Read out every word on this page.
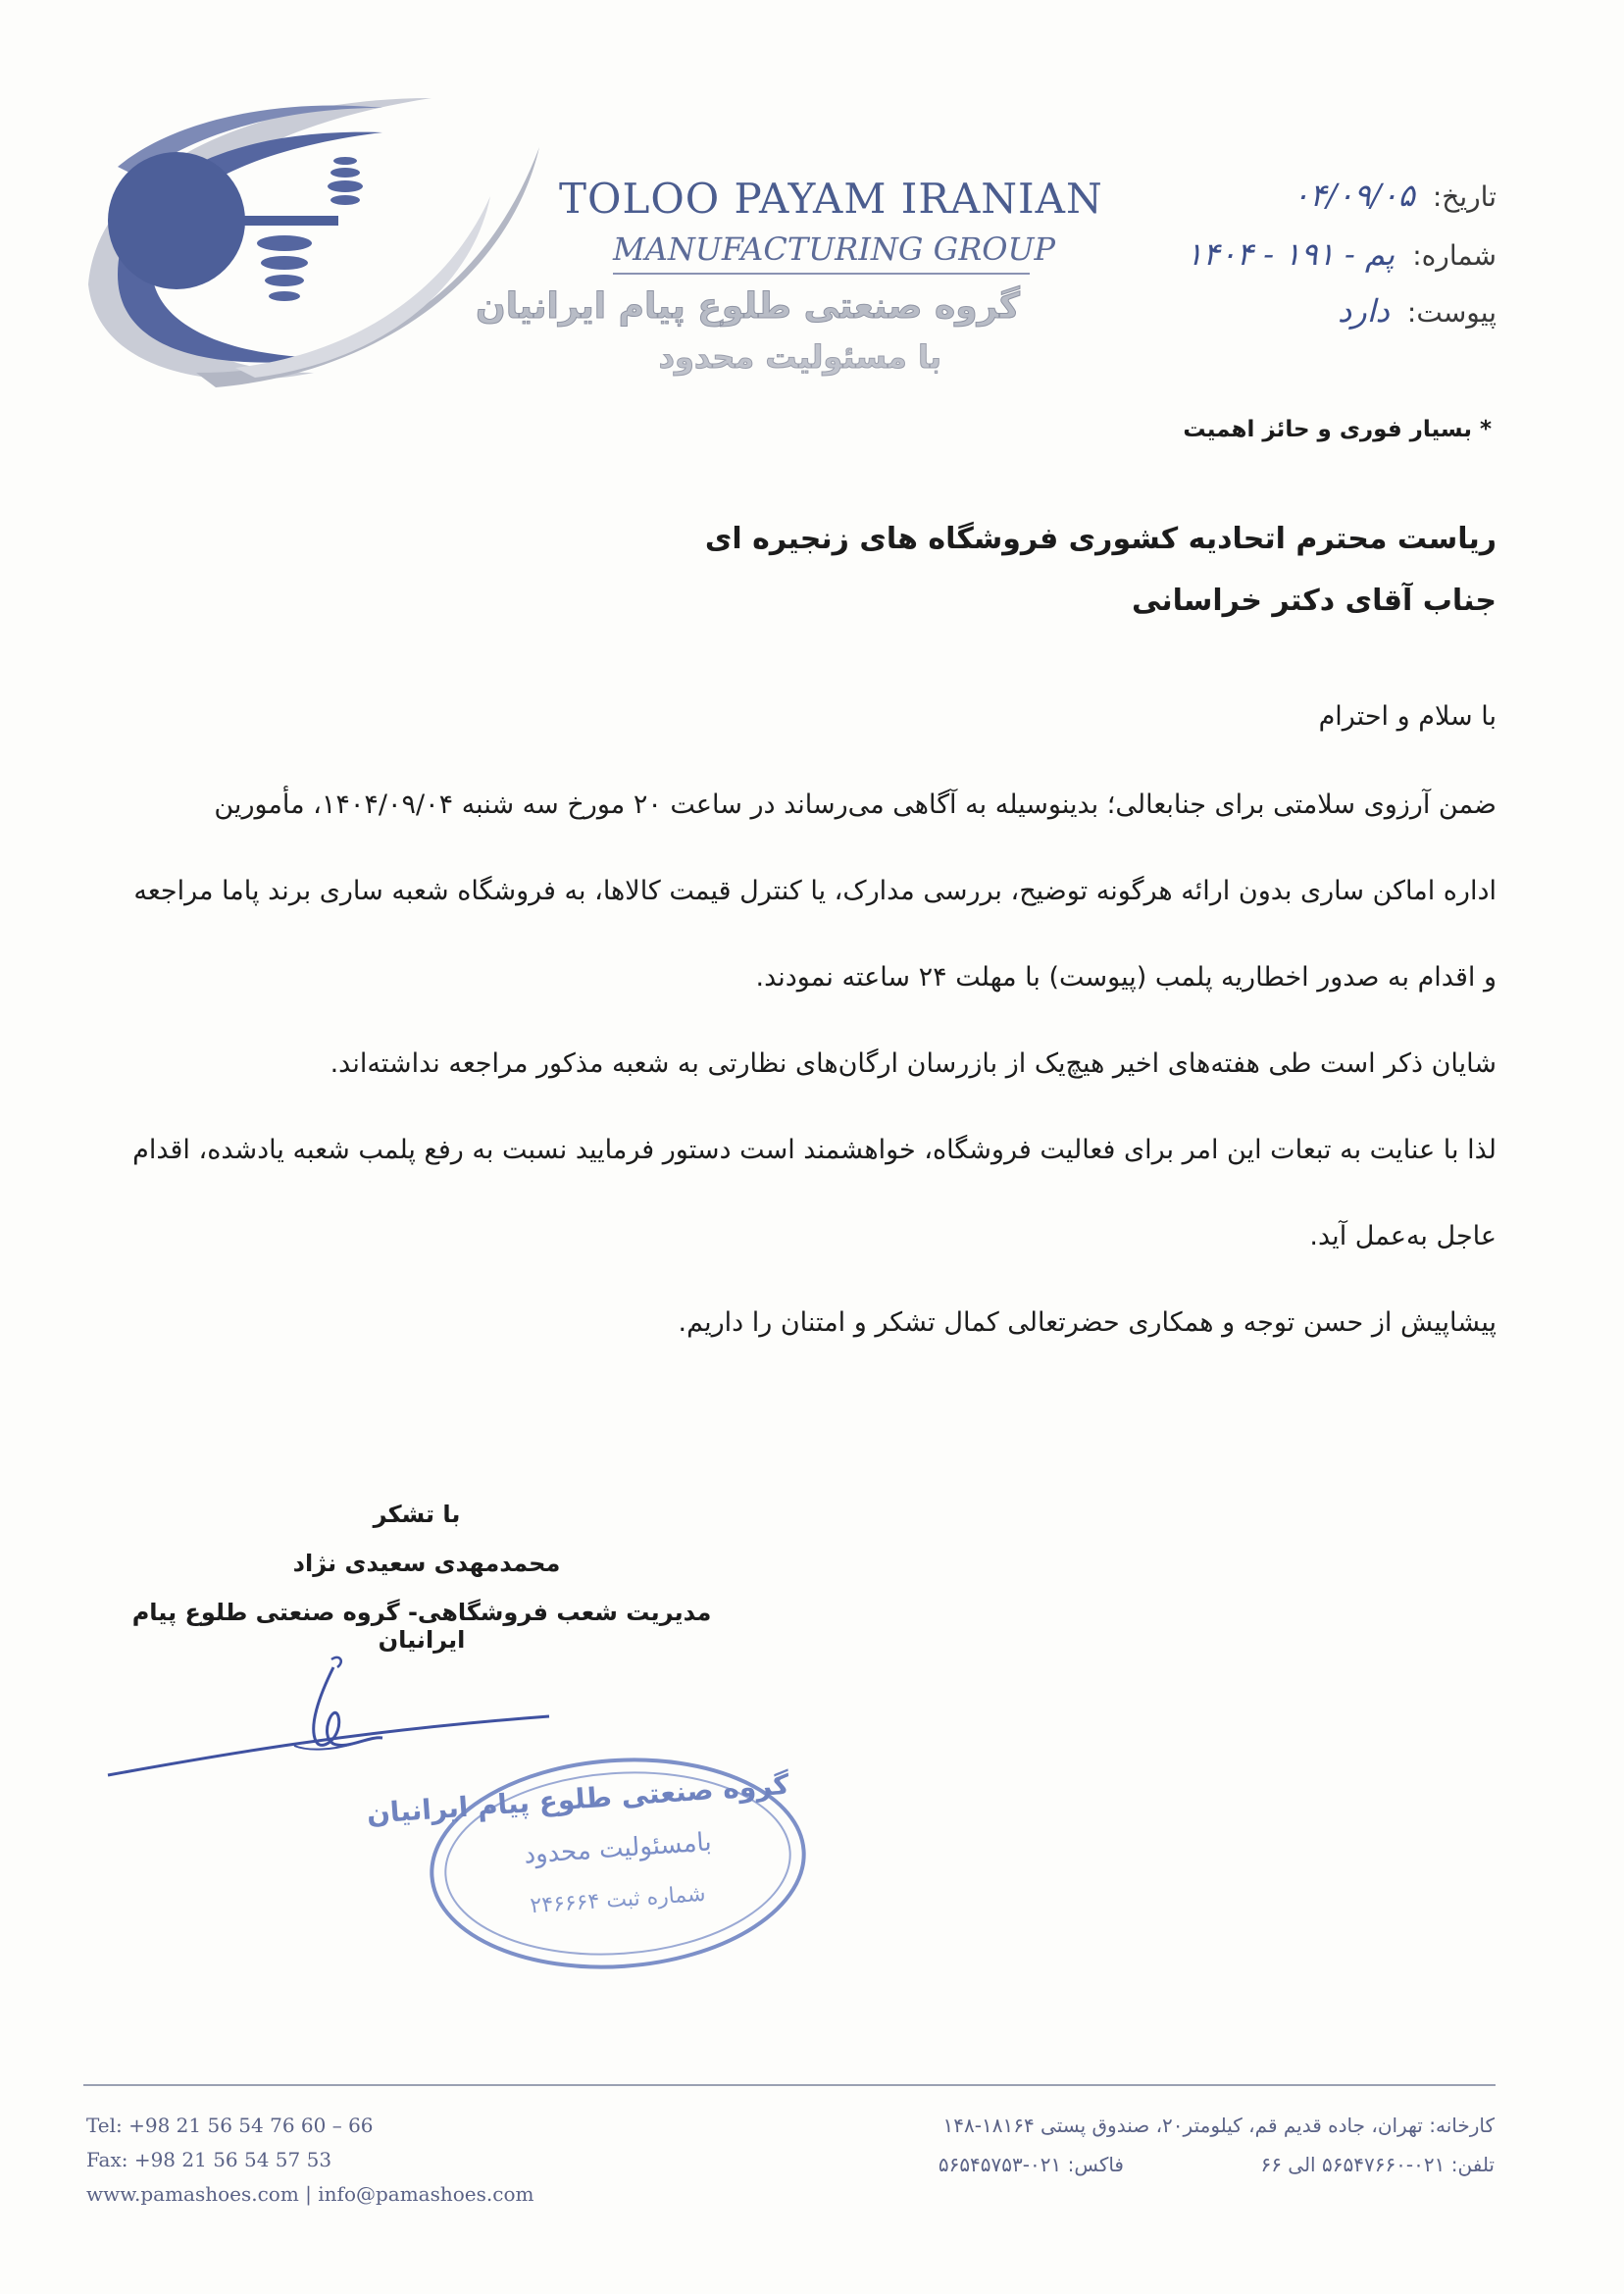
TOLOO PAYAM IRANIAN
MANUFACTURING GROUP
گروه صنعتی طلوع پیام ایرانیان
با مسئولیت محدود
تاریخ:
۰۴/۰۹/۰۵
شماره:
پم - ۱۹۱ - ۱۴۰۴
پیوست:
دارد
* بسیار فوری و حائز اهمیت
ریاست محترم اتحادیه کشوری فروشگاه های زنجیره ای
جناب آقای دکتر خراسانی
با سلام و احترام
ضمن آرزوی سلامتی برای جنابعالی؛ بدینوسیله به آگاهی می‌رساند در ساعت ۲۰ مورخ سه شنبه ۱۴۰۴/۰۹/۰۴، مأمورین
اداره اماکن ساری بدون ارائه هرگونه توضیح، بررسی مدارک، یا کنترل قیمت کالاها، به فروشگاه شعبه ساری برند پاما مراجعه
و اقدام به صدور اخطاریه پلمب (پیوست) با مهلت ۲۴ ساعته نمودند.
شایان ذکر است طی هفته‌های اخیر هیچ‌یک از بازرسان ارگان‌های نظارتی به شعبه مذکور مراجعه نداشته‌اند.
لذا با عنایت به تبعات این امر برای فعالیت فروشگاه، خواهشمند است دستور فرمایید نسبت به رفع پلمب شعبه یادشده، اقدام
عاجل به‌عمل آید.
پیشاپیش از حسن توجه و همکاری حضرتعالی کمال تشکر و امتنان را داریم.
با تشکر
محمدمهدی سعیدی نژاد
مدیریت شعب فروشگاهی- گروه صنعتی طلوع پیام ایرانیان
گروه صنعتی طلوع پیام ایرانیان
بامسئولیت محدود
شماره ثبت ۲۴۶۶۶۴
Tel: +98 21 56 54 76 60 – 66
Fax: +98 21 56 54 57 53
www.pamashoes.com | info@pamashoes.com
کارخانه: تهران، جاده قدیم قم، کیلومتر۲۰، صندوق پستی ۱۸۱۶۴-۱۴۸
تلفن: ۰۲۱-۵۶۵۴۷۶۶۰ الی ۶۶
فاکس: ۰۲۱-۵۶۵۴۵۷۵۳
